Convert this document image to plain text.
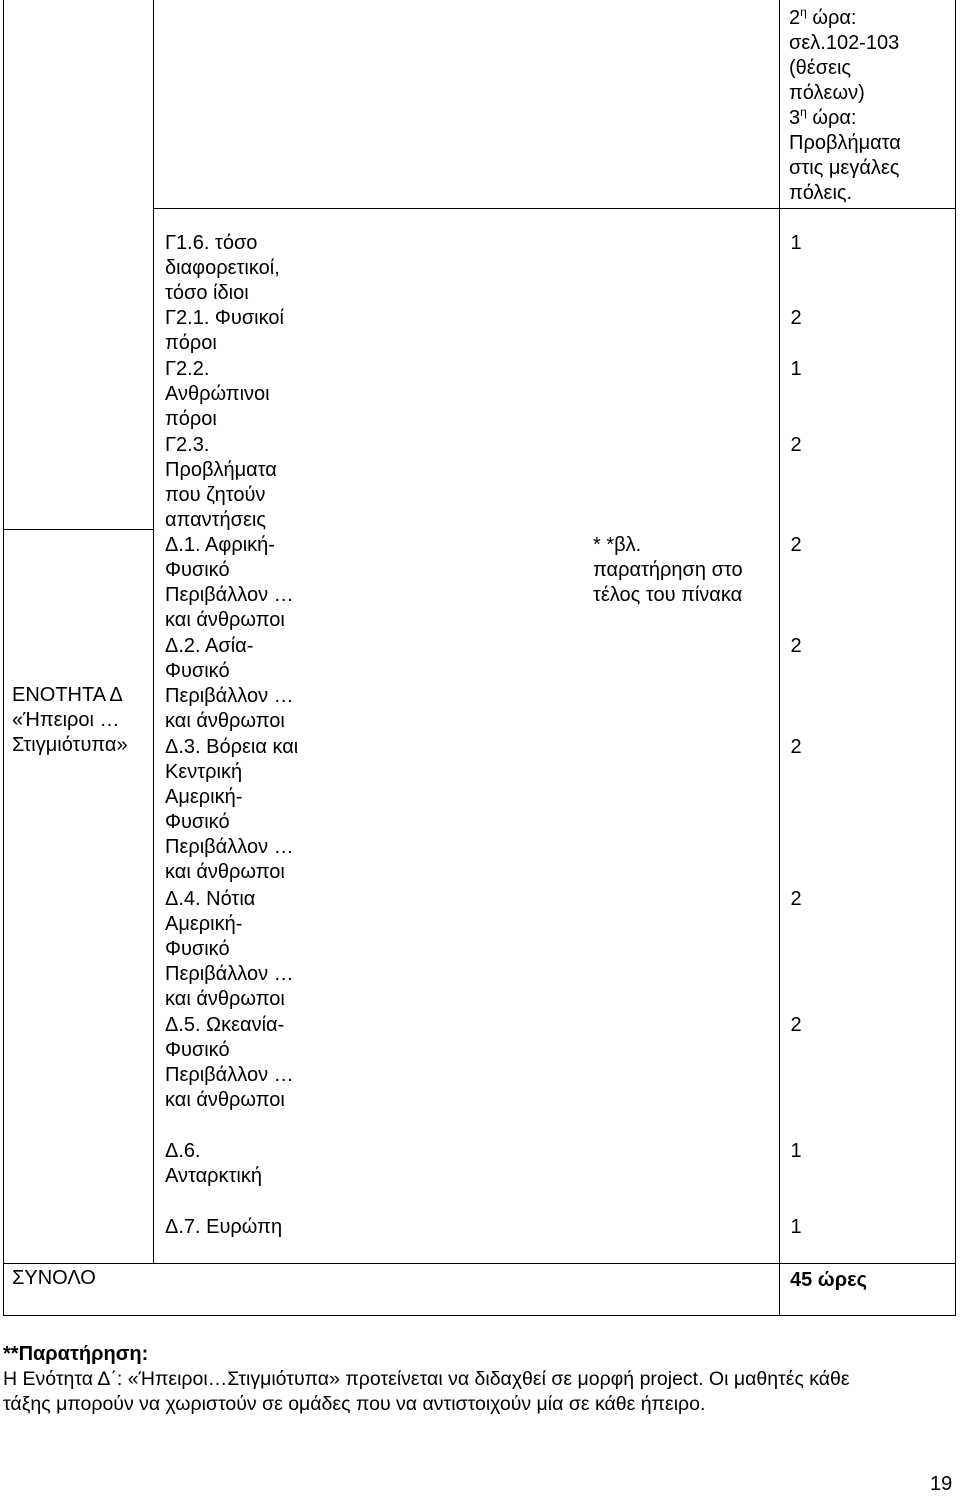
$2^\eta$ ώρα:
σελ.102-103
(θέσεις
πόλεων)
$3^\eta$ ώρα:
Προβλήματα
στις μεγάλες
πόλεις.
ΕΝΟΤΗΤΑ Δ
«Ήπειροι …
Στιγμιότυπα»
Γ1.6. τόσο
διαφορετικοί,
τόσο ίδιοι
Γ2.1. Φυσικοί
πόροι
Γ2.2.
Ανθρώπινοι
πόροι
Γ2.3.
Προβλήματα
που ζητούν
απαντήσεις
Δ.1. Αφρική-
Φυσικό
Περιβάλλον …
και άνθρωποι
Δ.2. Ασία-
Φυσικό
Περιβάλλον …
και άνθρωποι
Δ.3. Βόρεια και
Κεντρική
Αμερική-
Φυσικό
Περιβάλλον …
και άνθρωποι
Δ.4. Νότια
Αμερική-
Φυσικό
Περιβάλλον …
και άνθρωποι
Δ.5. Ωκεανία-
Φυσικό
Περιβάλλον …
και άνθρωποι
Δ.6.
Ανταρκτική
Δ.7. Ευρώπη
* *βλ.
παρατήρηση στο
τέλος του πίνακα
1
2
1
2
2
2
2
2
2
1
1
ΣΥΝΟΛΟ	45 ώρες
**Παρατήρηση:
Η Ενότητα Δ΄: «Ήπειροι…Στιγμιότυπα» προτείνεται να διδαχθεί σε μορφή project. Οι μαθητές κάθε
τάξης μπορούν να χωριστούν σε ομάδες που να αντιστοιχούν μία σε κάθε ήπειρο.
19
